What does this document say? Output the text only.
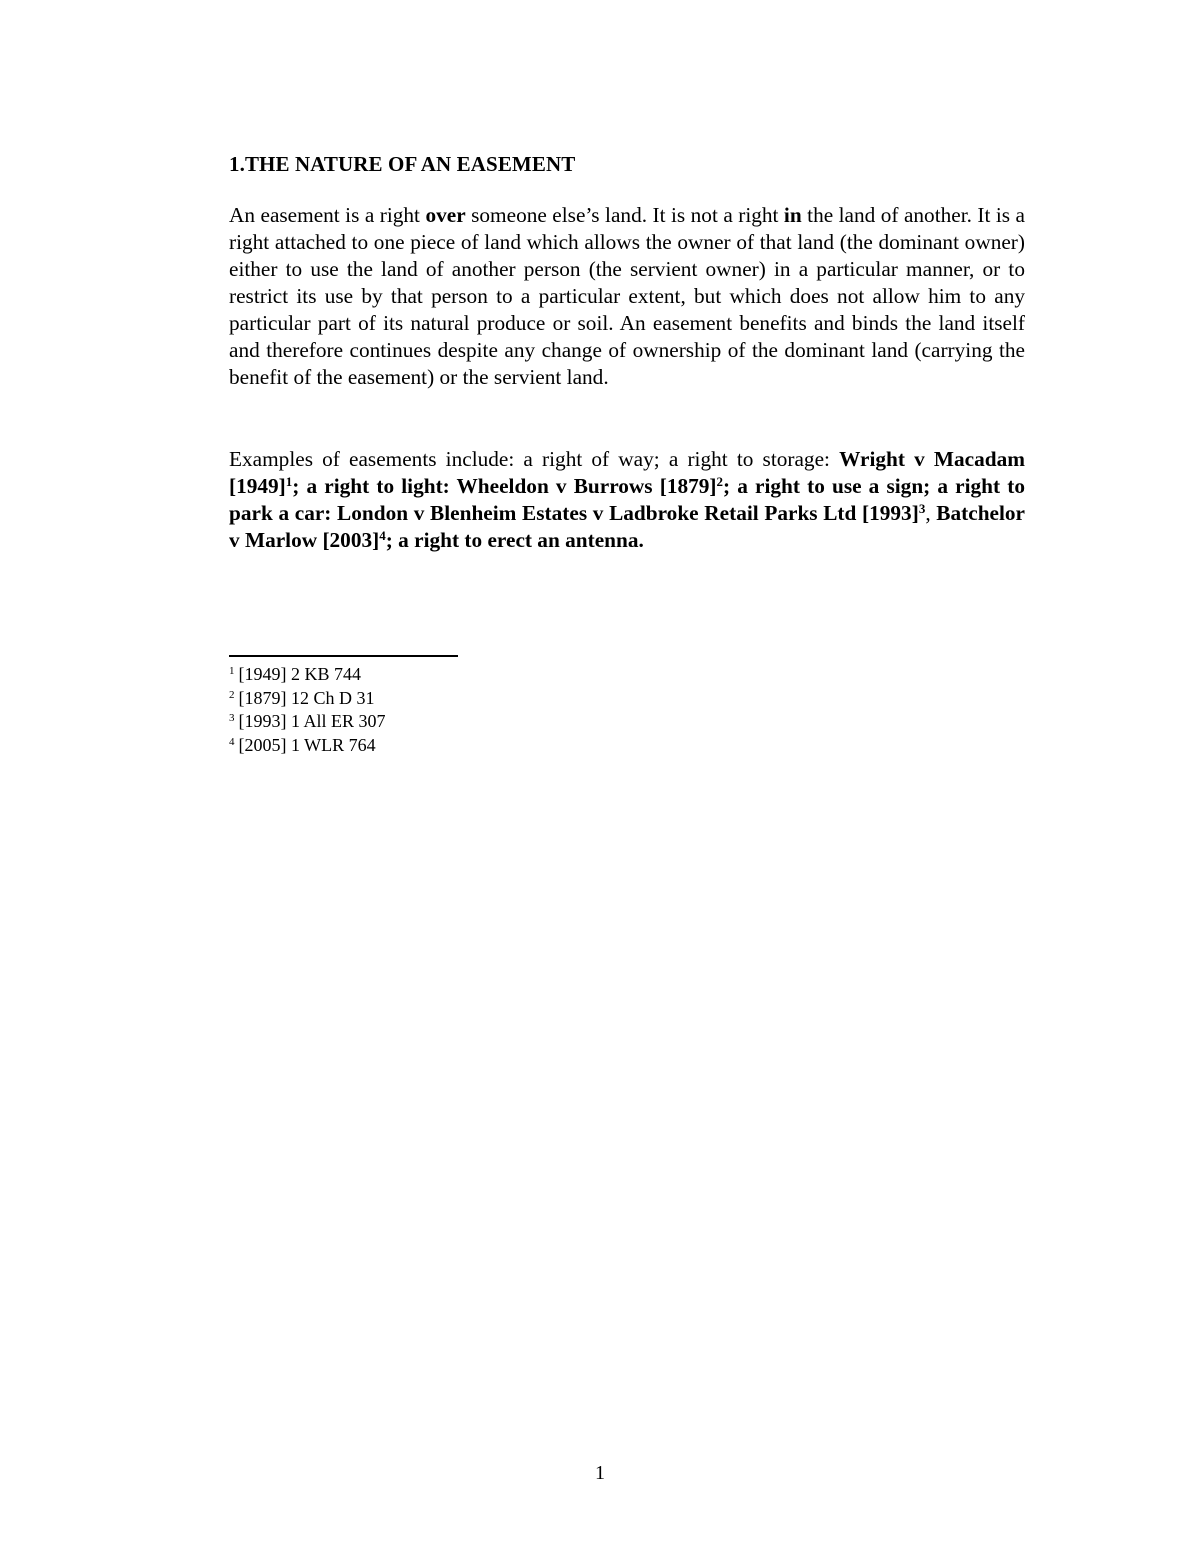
1.THE NATURE OF AN EASEMENT

An easement is a right over someone else’s land. It is not a right in the land of another. It is a right attached to one piece of land which allows the owner of that land (the dominant owner) either to use the land of another person (the servient owner) in a particular manner, or to restrict its use by that person to a particular extent, but which does not allow him to any particular part of its natural produce or soil. An easement benefits and binds the land itself and therefore continues despite any change of ownership of the dominant land (carrying the benefit of the easement) or the servient land.

Examples of easements include: a right of way; a right to storage: Wright v Macadam $[1949]^1$; a right to light: Wheeldon v Burrows $[1879]^2$; a right to use a sign; a right to park a car: London v Blenheim Estates v Ladbroke Retail Parks Ltd $[1993]^3$, Batchelor v Marlow $[2003]^4$; a right to erect an antenna.

$^1$ [1949] 2 KB 744
$^2$ [1879] 12 Ch D 31
$^3$ [1993] 1 All ER 307
$^4$ [2005] 1 WLR 764
1
